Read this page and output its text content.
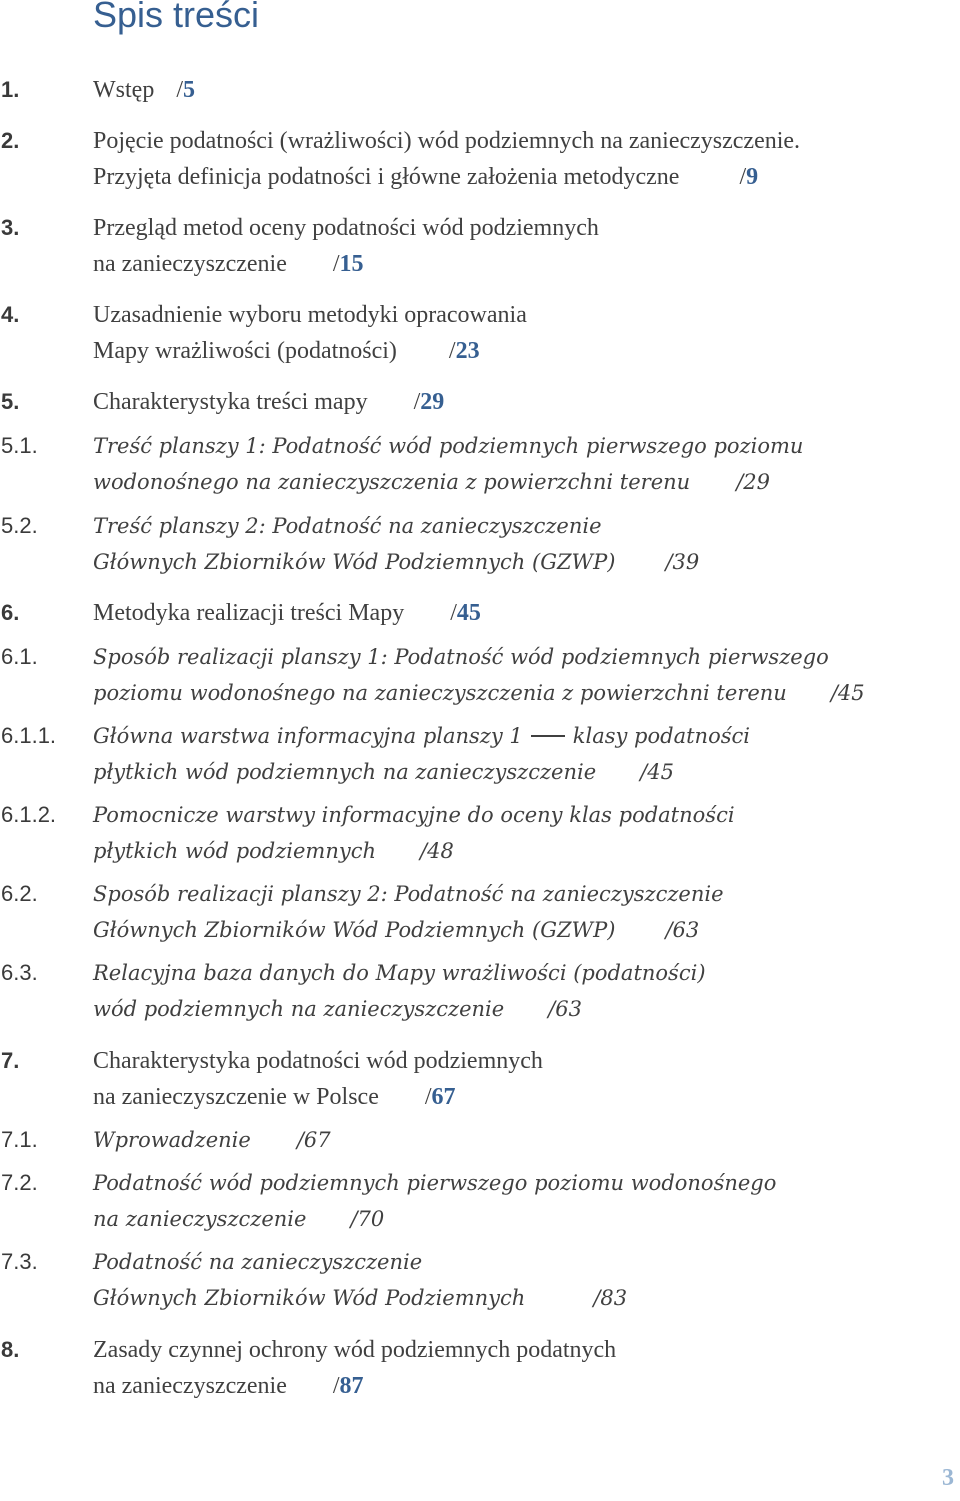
Spis treści
1.	Wstęp /5
2.	Pojęcie podatności (wrażliwości) wód podziemnych na zanieczyszczenie.
Przyjęta definicja podatności i główne założenia metodyczne	/9
3.	Przegląd metod oceny podatności wód podziemnych
na zanieczyszczenie /15
4.	Uzasadnienie wyboru metodyki opracowania
Mapy wrażliwości (podatności) /23
5.	Charakterystyka treści mapy /29
5.1.	Treść planszy 1: Podatność wód podziemnych pierwszego poziomu
wodonośnego na zanieczyszczenia z powierzchni terenu /29
5.2.	Treść planszy 2: Podatność na zanieczyszczenie
Głównych Zbiorników Wód Podziemnych (GZWP) /39
6.	Metodyka realizacji treści Mapy /45
6.1.	Sposób realizacji planszy 1: Podatność wód podziemnych pierwszego
poziomu wodonośnego na zanieczyszczenia z powierzchni terenu /45
6.1.1. Główna warstwa informacyjna planszy 1 klasy podatności
płytkich wód podziemnych na zanieczyszczenie /45
6.1.2. Pomocnicze warstwy informacyjne do oceny klas podatności
płytkich wód podziemnych /48
6.2.	Sposób realizacji planszy 2: Podatność na zanieczyszczenie
Głównych Zbiorników Wód Podziemnych (GZWP) /63
6.3.	Relacyjna baza danych do Mapy wrażliwości (podatności)
wód podziemnych na zanieczyszczenie /63
7.	Charakterystyka podatności wód podziemnych
na zanieczyszczenie w Polsce /67
7.1.	Wprowadzenie /67
7.2.	Podatność wód podziemnych pierwszego poziomu wodonośnego
na zanieczyszczenie /70
7.3.	Podatność na zanieczyszczenie
Głównych Zbiorników Wód Podziemnych	/83
8.	Zasady czynnej ochrony wód podziemnych podatnych
na zanieczyszczenie /87
3
